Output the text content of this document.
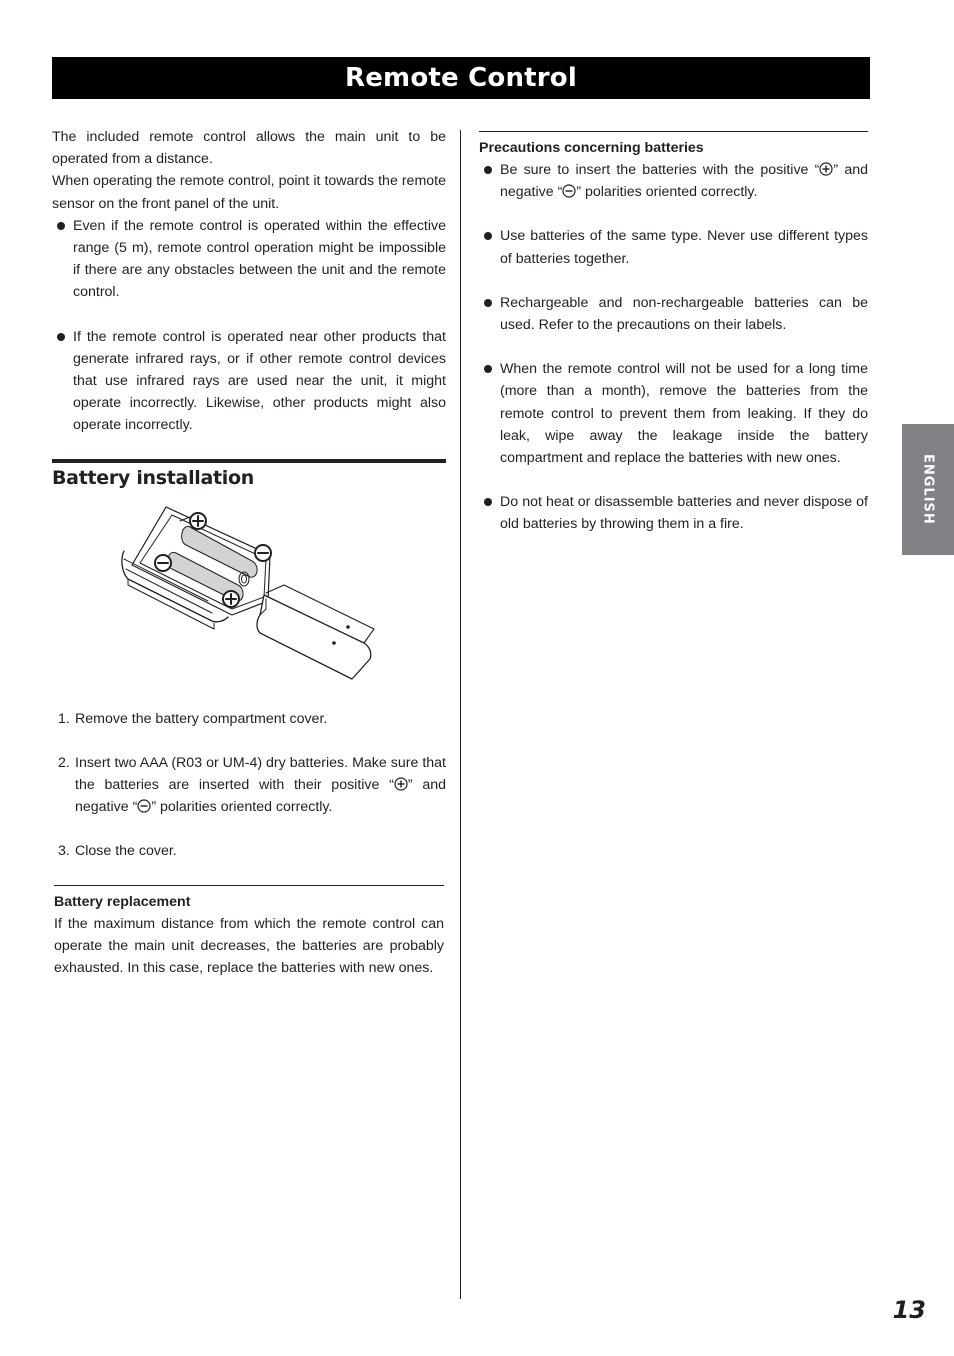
Remote Control

The included remote control allows the main unit to be operated from a distance.

When operating the remote control, point it towards the remote sensor on the front panel of the unit.

Even if the remote control is operated within the effective range (5 m), remote control operation might be impossible if there are any obstacles between the unit and the remote control.
If the remote control is operated near other products that generate infrared rays, or if other remote control devices that use infrared rays are used near the unit, it might operate incorrectly. Likewise, other products might also operate incorrectly.
Battery installation
1. Remove the battery compartment cover.
2. Insert two AAA (R03 or UM-4) dry batteries. Make sure that the batteries are inserted with their positive “ ” and negative “ ” polarities oriented correctly.
3. Close the cover.
Battery replacement

If the maximum distance from which the remote control can operate the main unit decreases, the batteries are probably exhausted. In this case, replace the batteries with new ones.

Precautions concerning batteries
Be sure to insert the batteries with the positive “ ” and negative “ ” polarities oriented correctly.
Use batteries of the same type. Never use different types of batteries together.
Rechargeable and non-rechargeable batteries can be used. Refer to the precautions on their labels.
When the remote control will not be used for a long time (more than a month), remove the batteries from the remote control to prevent them from leaking. If they do leak, wipe away the leakage inside the battery compartment and replace the batteries with new ones.
Do not heat or disassemble batteries and never dispose of old batteries by throwing them in a fire.	ENGLISH
13
